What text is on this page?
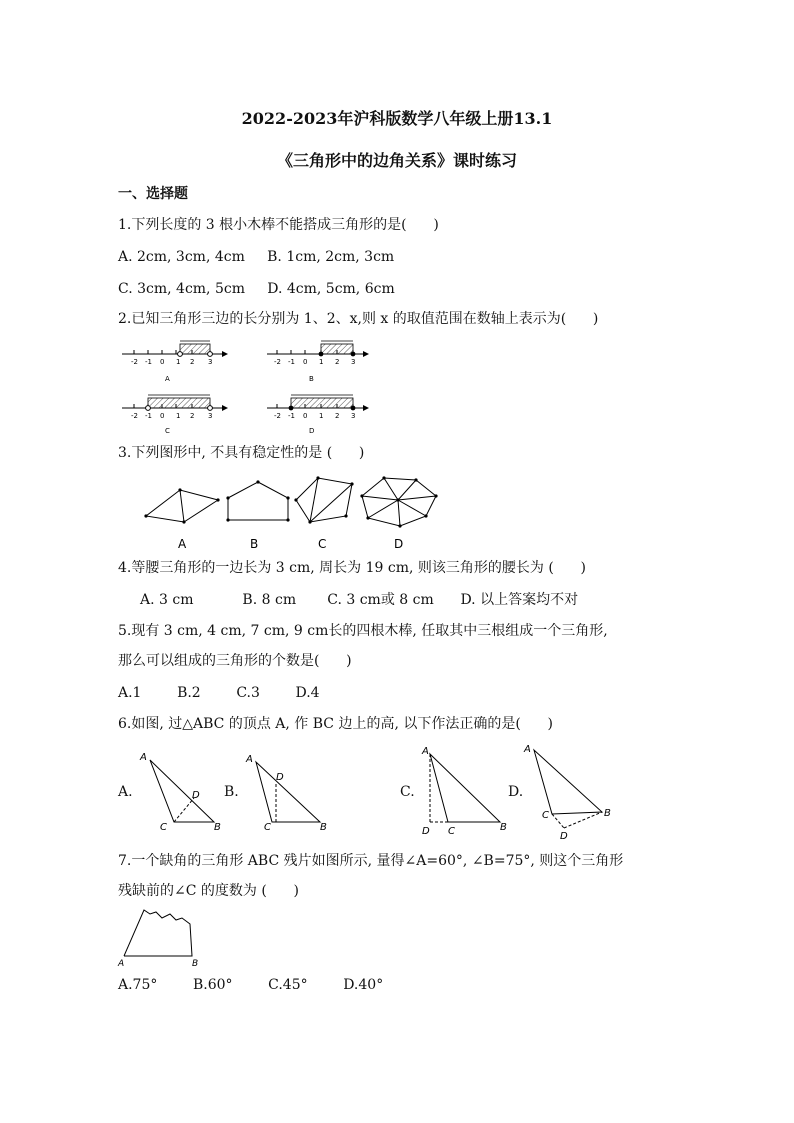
2022-2023年沪科版数学八年级上册13.1
《三角形中的边角关系》课时练习
一、选择题
1.下列长度的 3 根小木棒不能搭成三角形的是(      )
A. 2cm, 3cm, 4cm     B. 1cm, 2cm, 3cm
C. 3cm, 4cm, 5cm     D. 4cm, 5cm, 6cm
2.已知三角形三边的长分别为 1、2、x,则 x 的取值范围在数轴上表示为(      )
-2 -1 0 1 2 3
A
-2 -1 0 1 2 3
B
-2 -1 0 1 2 3
C
-2 -1 0 1 2 3
D
3.下列图形中, 不具有稳定性的是 (      )
A	B	C	D
4.等腰三角形的一边长为 3 cm, 周长为 19 cm, 则该三角形的腰长为 (      )
A. 3 cm           B. 8 cm       C. 3 cm或 8 cm      D. 以上答案均不对
5.现有 3 cm, 4 cm, 7 cm, 9 cm长的四根木棒, 任取其中三根组成一个三角形,
那么可以组成的三角形的个数是(      )
A.1        B.2        C.3        D.4
6.如图, 过△ABC 的顶点 A, 作 BC 边上的高, 以下作法正确的是(      )
A.	B.	C.	D.
A
C	B
D
A
C	B
D
A
D C	B
A
C	B
D
7.一个缺角的三角形 ABC 残片如图所示, 量得∠A=60°, ∠B=75°, 则这个三角形
残缺前的∠C 的度数为 (      )
A	B
A.75°        B.60°        C.45°        D.40°
